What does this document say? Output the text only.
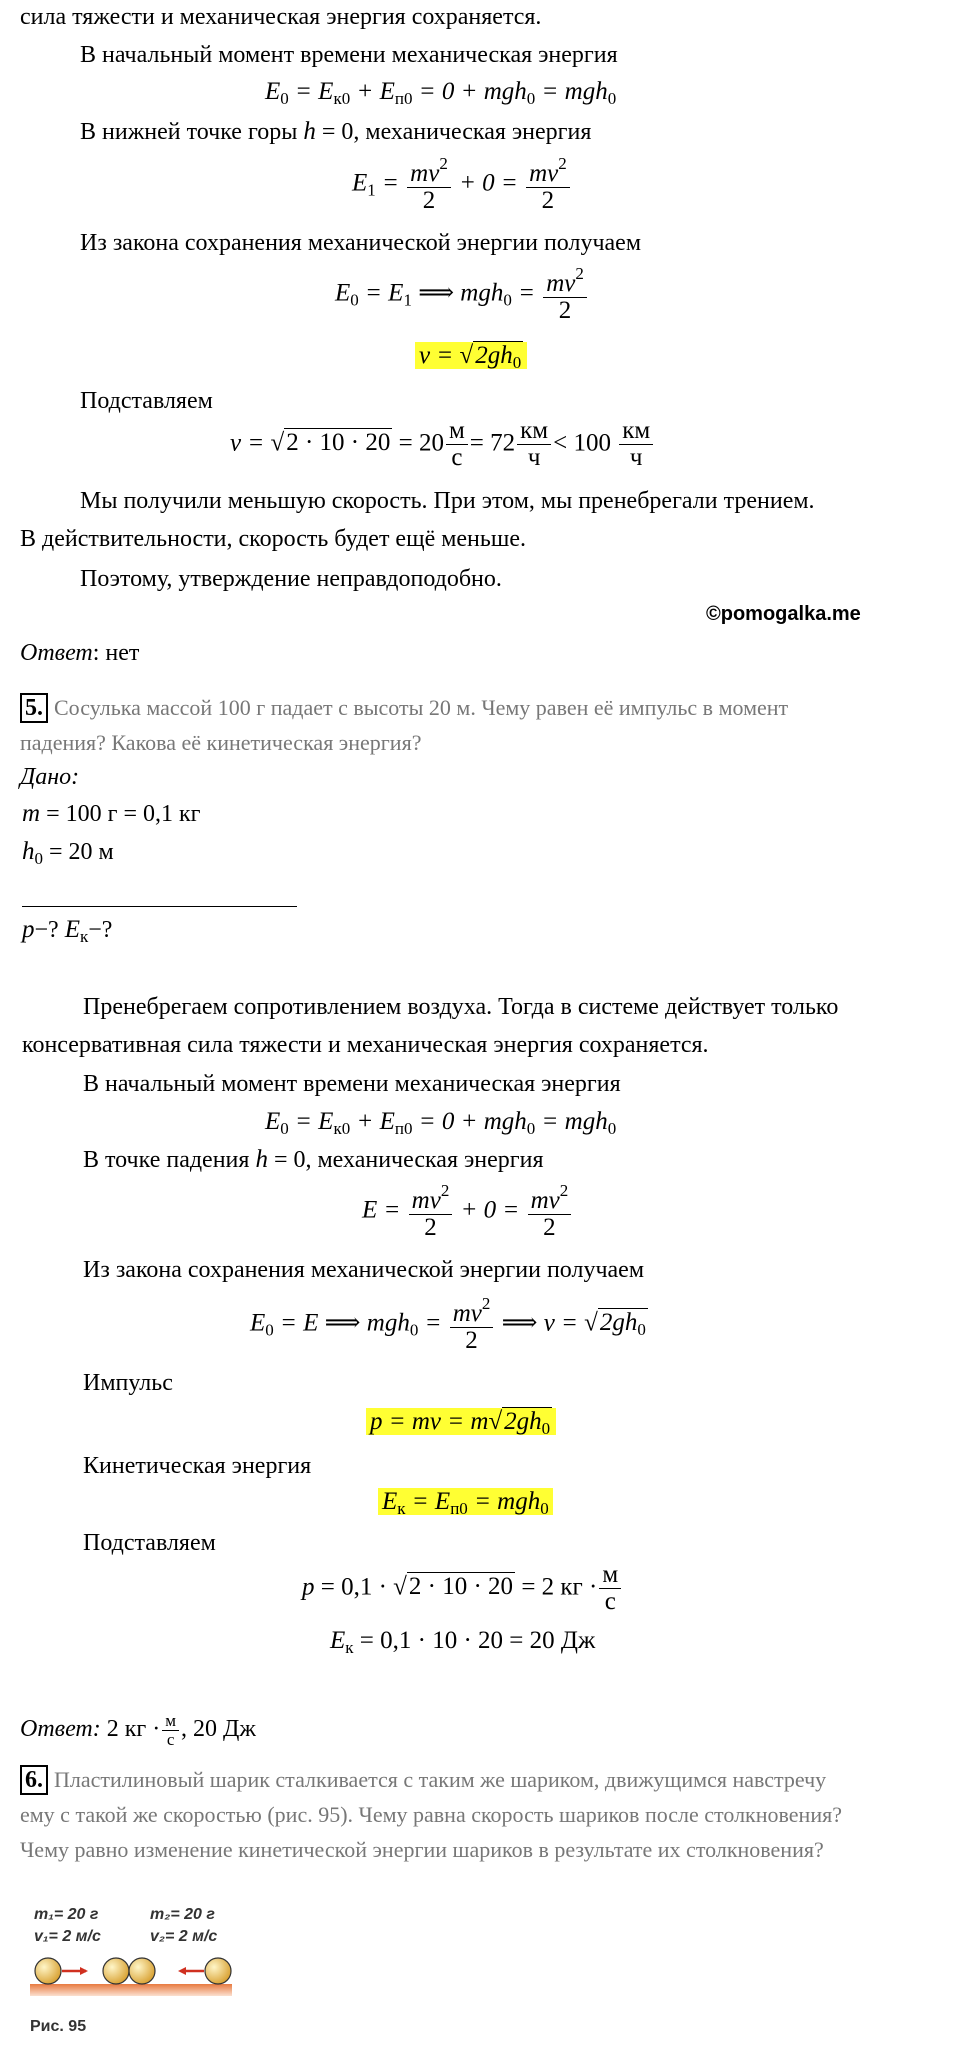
сила тяжести и механическая энергия сохраняется.
В начальный момент времени механическая энергия
$E_0 = E_{к0} + E_{п0} = 0 + mgh_0 = mgh_0$
В нижней точке горы h = 0, механическая энергия
$E_1 = \frac{mv^2}{2} + 0 = \frac{mv^2}{2}$
Из закона сохранения механической энергии получаем
$E_0 = E_1$ ⟹ $mgh_0 = \frac{mv^2}{2}$
$v = √2gh_0$
Подставляем
$v = √2 \cdot 10 \cdot 20 = 20 \frac{м}{с} = 72 \frac{км}{ч} < 100 \frac{км}{ч}$
Мы получили меньшую скорость. При этом, мы пренебрегали трением.
В действительности, скорость будет ещё меньше.
Поэтому, утверждение неправдоподобно.
©pomogalka.me
Ответ: нет
5. Сосулька массой 100 г падает с высоты 20 м. Чему равен её импульс в момент
падения? Какова её кинетическая энергия?
Дано:
m = 100 г = 0,1 кг
$h_0 = 20$ м
p−? $E_к-$?
Пренебрегаем сопротивлением воздуха. Тогда в системе действует только
консервативная сила тяжести и механическая энергия сохраняется.
В начальный момент времени механическая энергия
$E_0 = E_{к0} + E_{п0} = 0 + mgh_0 = mgh_0$
В точке падения h = 0, механическая энергия
$E = \frac{mv^2}{2} + 0 = \frac{mv^2}{2}$
Из закона сохранения механической энергии получаем
$E_0 = E$ ⟹ $mgh_0 = \frac{mv^2}{2}$ ⟹ $v = √2gh_0$
Импульс
p = mv = $m√2gh_0$
Кинетическая энергия
$E_к = E_{п0} = mgh_0$
Подставляем
p = 0,1 · √2 · 10 · 20 = 2 кг · $\frac{м}{с}$
$E_к = 0,1 \cdot 10 \cdot 20 = 20$ Дж
Ответ: 2 кг · $\frac{м}{с}$ , 20 Дж
6. Пластилиновый шарик сталкивается с таким же шариком, движущимся навстречу
ему с такой же скоростью (рис. 95). Чему равна скорость шариков после столкновения?
Чему равно изменение кинетической энергии шариков в результате их столкновения?
m₁= 20 г
v₁= 2 м/с
m₂= 20 г
v₂= 2 м/с
Рис. 95
